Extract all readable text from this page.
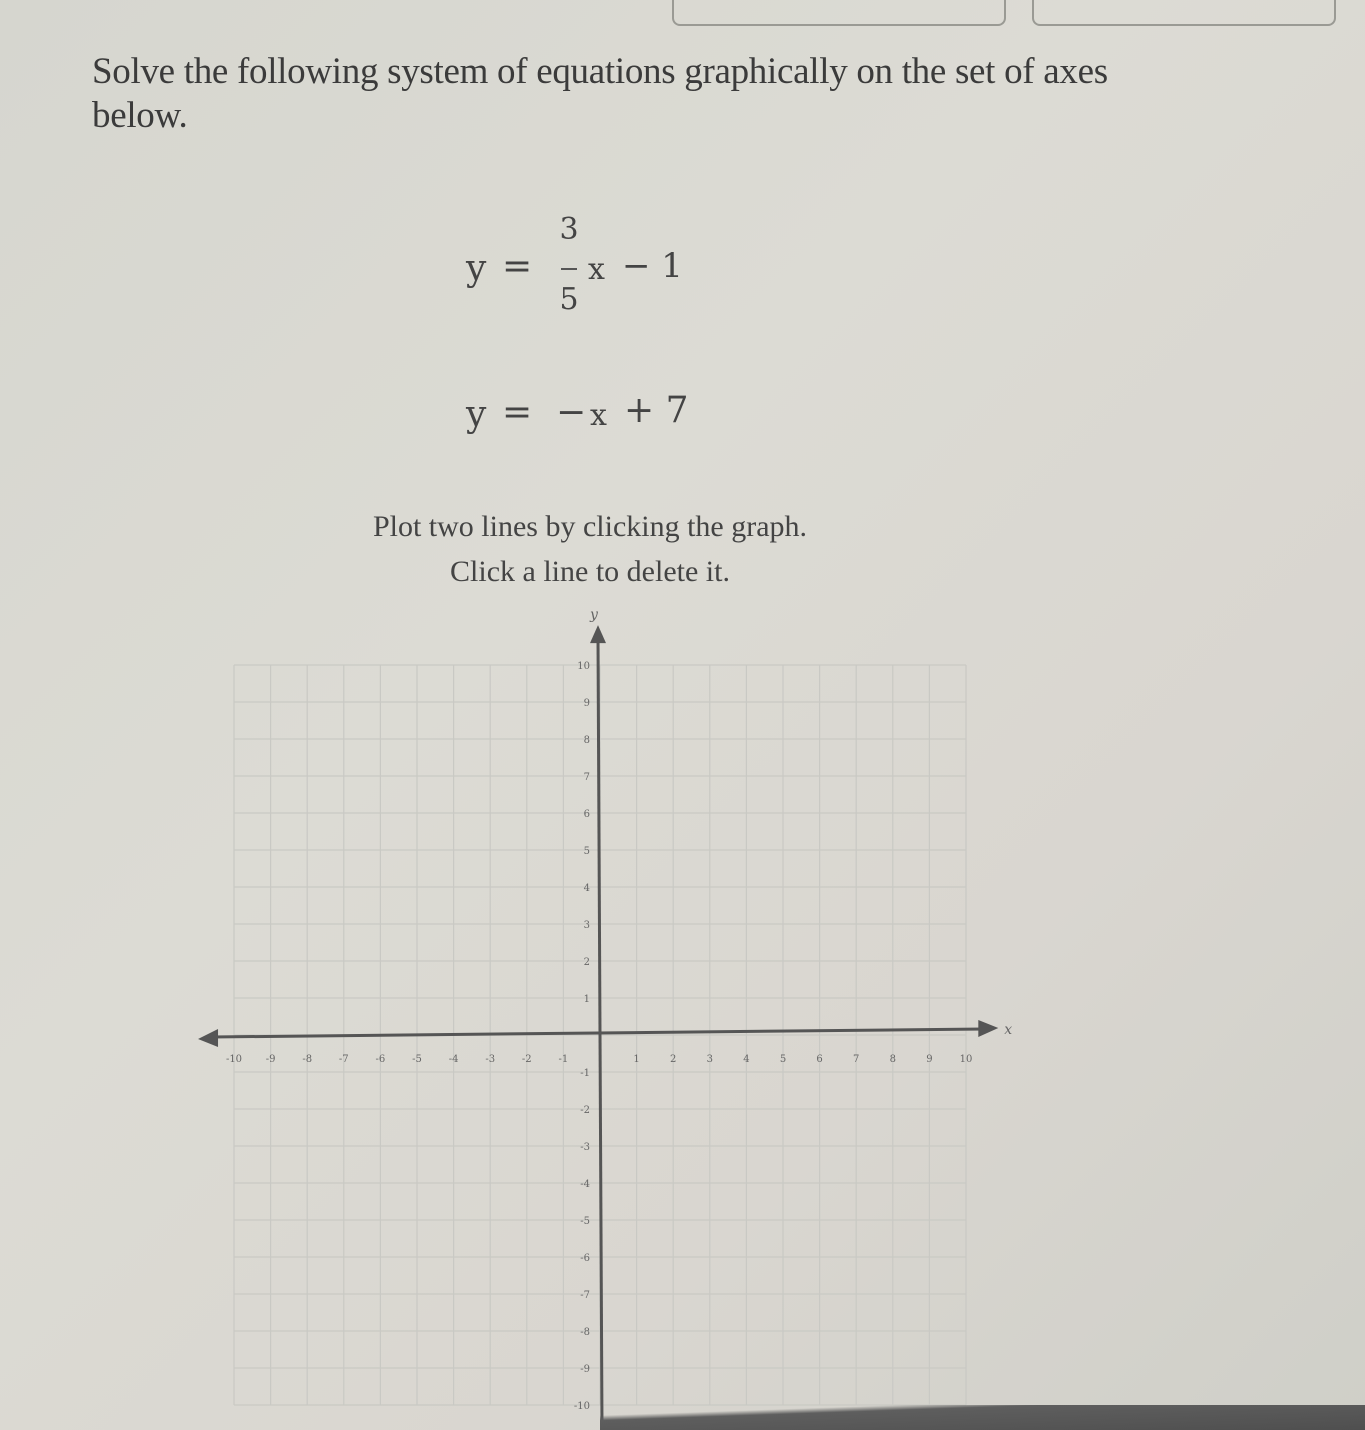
Solve the following system of equations graphically on the set of axes
below.
y =
3
5
x − 1
y = − x + 7
Plot two lines by clicking the graph.
Click a line to delete it.
x
y
-10 -9	-8	-7	-6	-5	-4	-3	-2	-1	1	2	3	4	5	6	7	8	9	10
10
9
8
7
6
5
4
3
2
1
-1
-2
-3
-4
-5
-6
-7
-8
-9
-10
